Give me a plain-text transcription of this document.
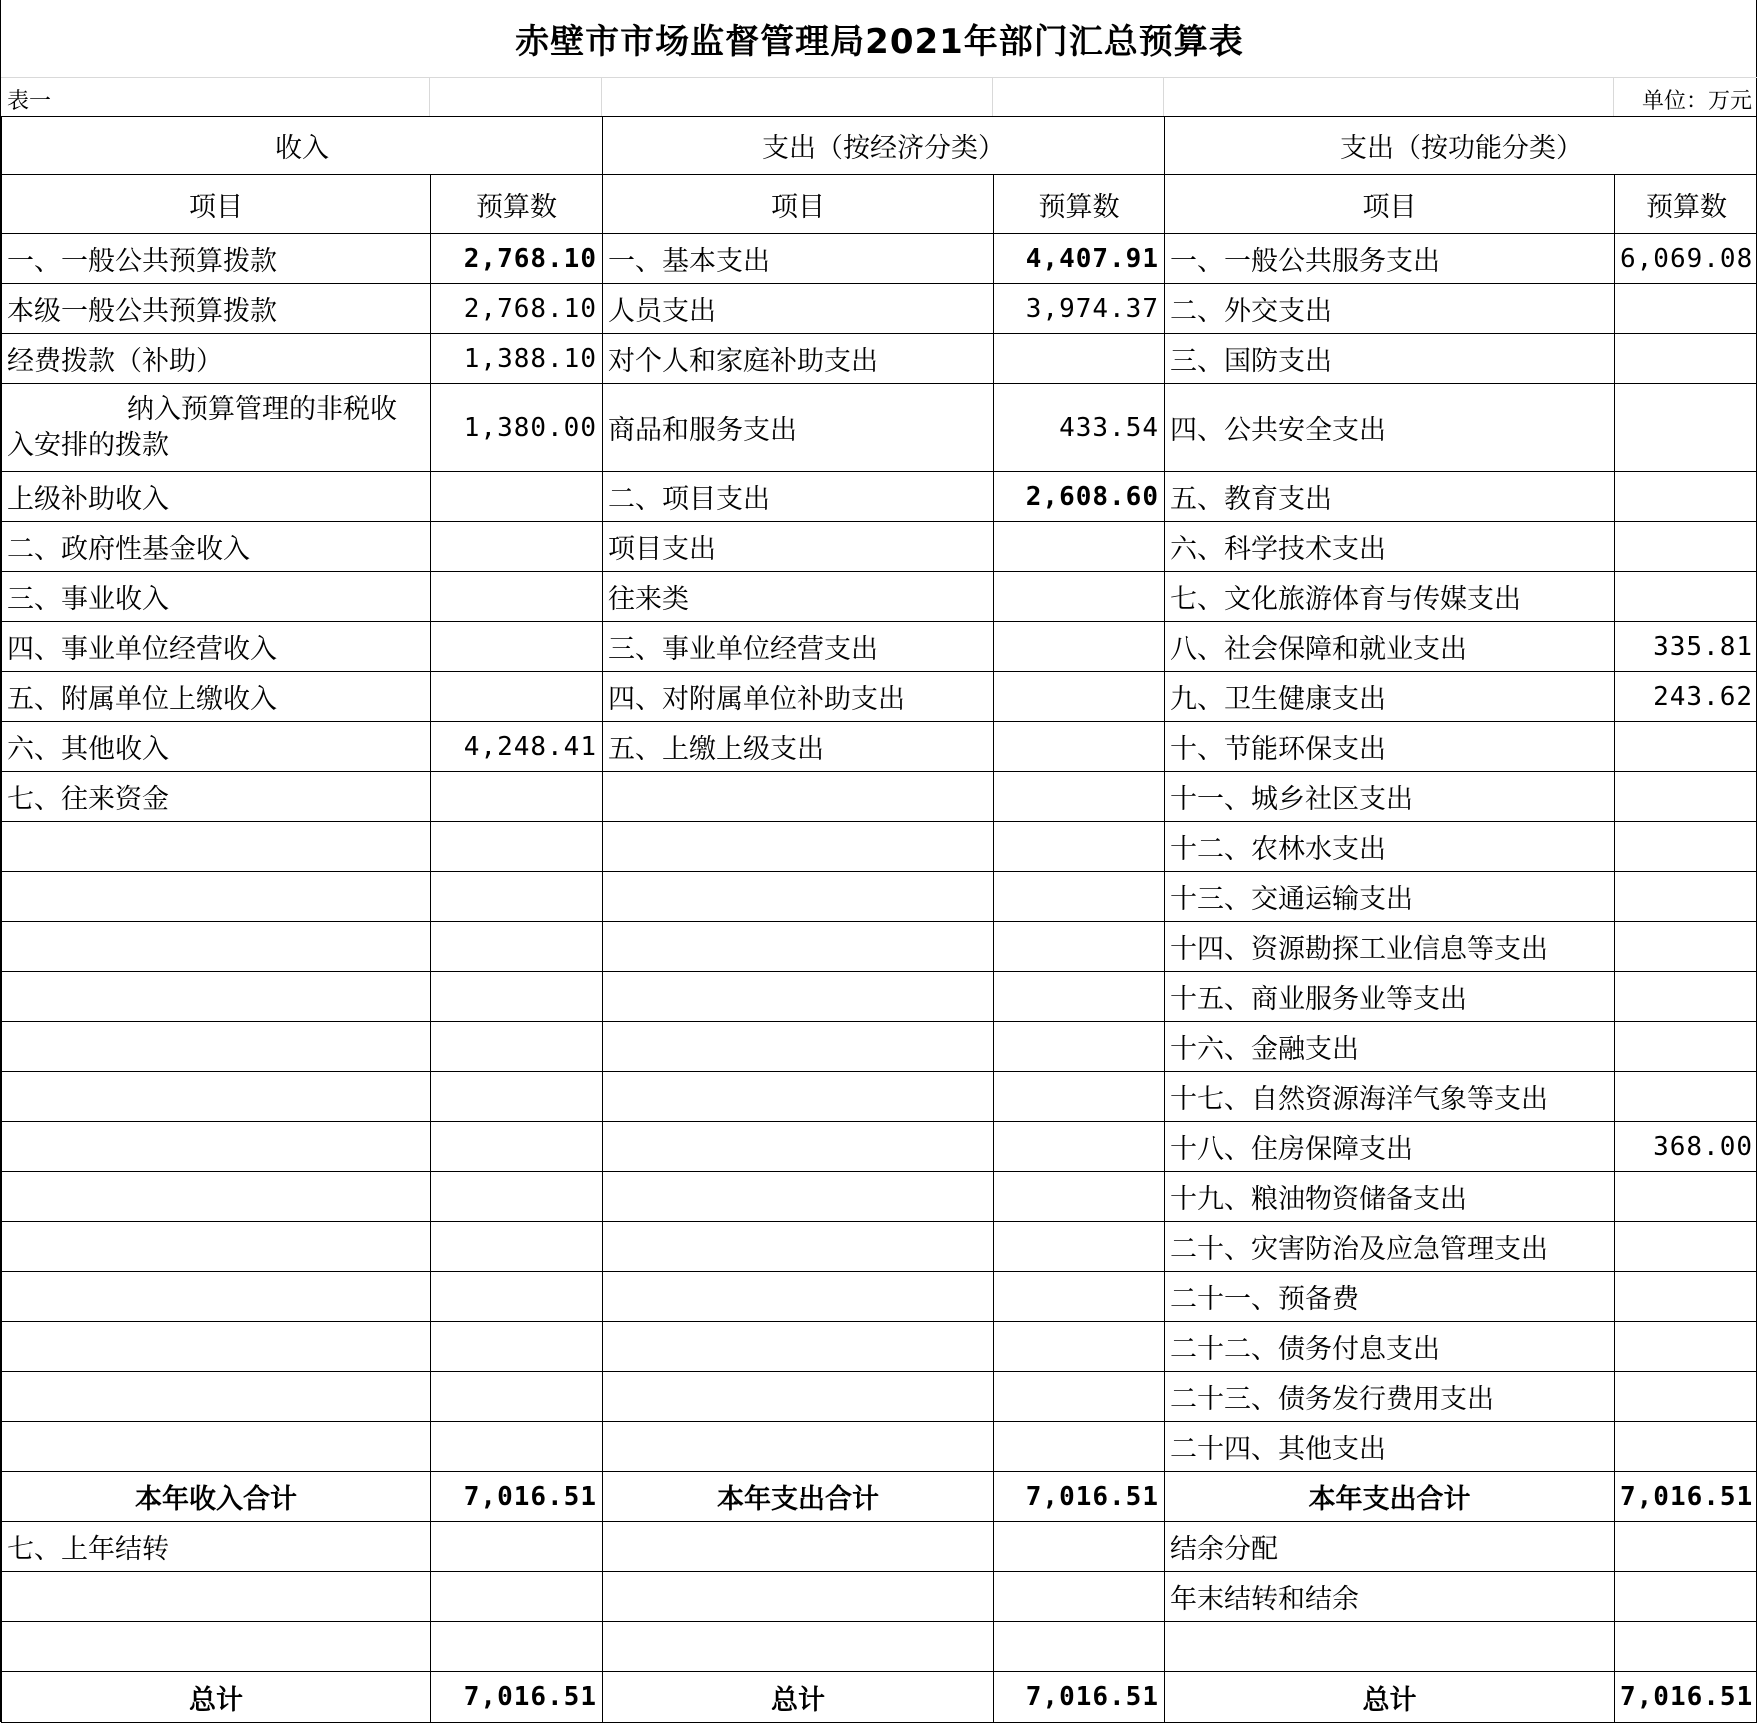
赤壁市市场监督管理局2021年部门汇总预算表
表一	单位：万元
收入		支出（按经济分类）		支出（按功能分类）	
项目	预算数	项目	预算数	项目	预算数
一、一般公共预算拨款	2,768.10	一、基本支出	4,407.91	一、一般公共服务支出	6,069.08
本级一般公共预算拨款	2,768.10	人员支出	3,974.37	二、外交支出	
经费拨款（补助）	1,388.10	对个人和家庭补助支出		三、国防支出	

纳入预算管理的非税收
入安排的拨款	1,380.00	商品和服务支出	433.54	四、公共安全支出	
上级补助收入		二、项目支出	2,608.60	五、教育支出	
二、政府性基金收入		项目支出		六、科学技术支出	
三、事业收入		往来类		七、文化旅游体育与传媒支出	
四、事业单位经营收入		三、事业单位经营支出		八、社会保障和就业支出	335.81
五、附属单位上缴收入		四、对附属单位补助支出		九、卫生健康支出	243.62
六、其他收入	4,248.41	五、上缴上级支出		十、节能环保支出	
七、往来资金				十一、城乡社区支出	
				十二、农林水支出	
				十三、交通运输支出	
				十四、资源勘探工业信息等支出	
				十五、商业服务业等支出	
				十六、金融支出	
				十七、自然资源海洋气象等支出	
				十八、住房保障支出	368.00
				十九、粮油物资储备支出	
				二十、灾害防治及应急管理支出	
				二十一、预备费	
				二十二、债务付息支出	
				二十三、债务发行费用支出	
				二十四、其他支出	
本年收入合计	7,016.51	本年支出合计	7,016.51	本年支出合计	7,016.51
七、上年结转				结余分配	
				年末结转和结余	

总计	7,016.51	总计	7,016.51	总计	7,016.51
